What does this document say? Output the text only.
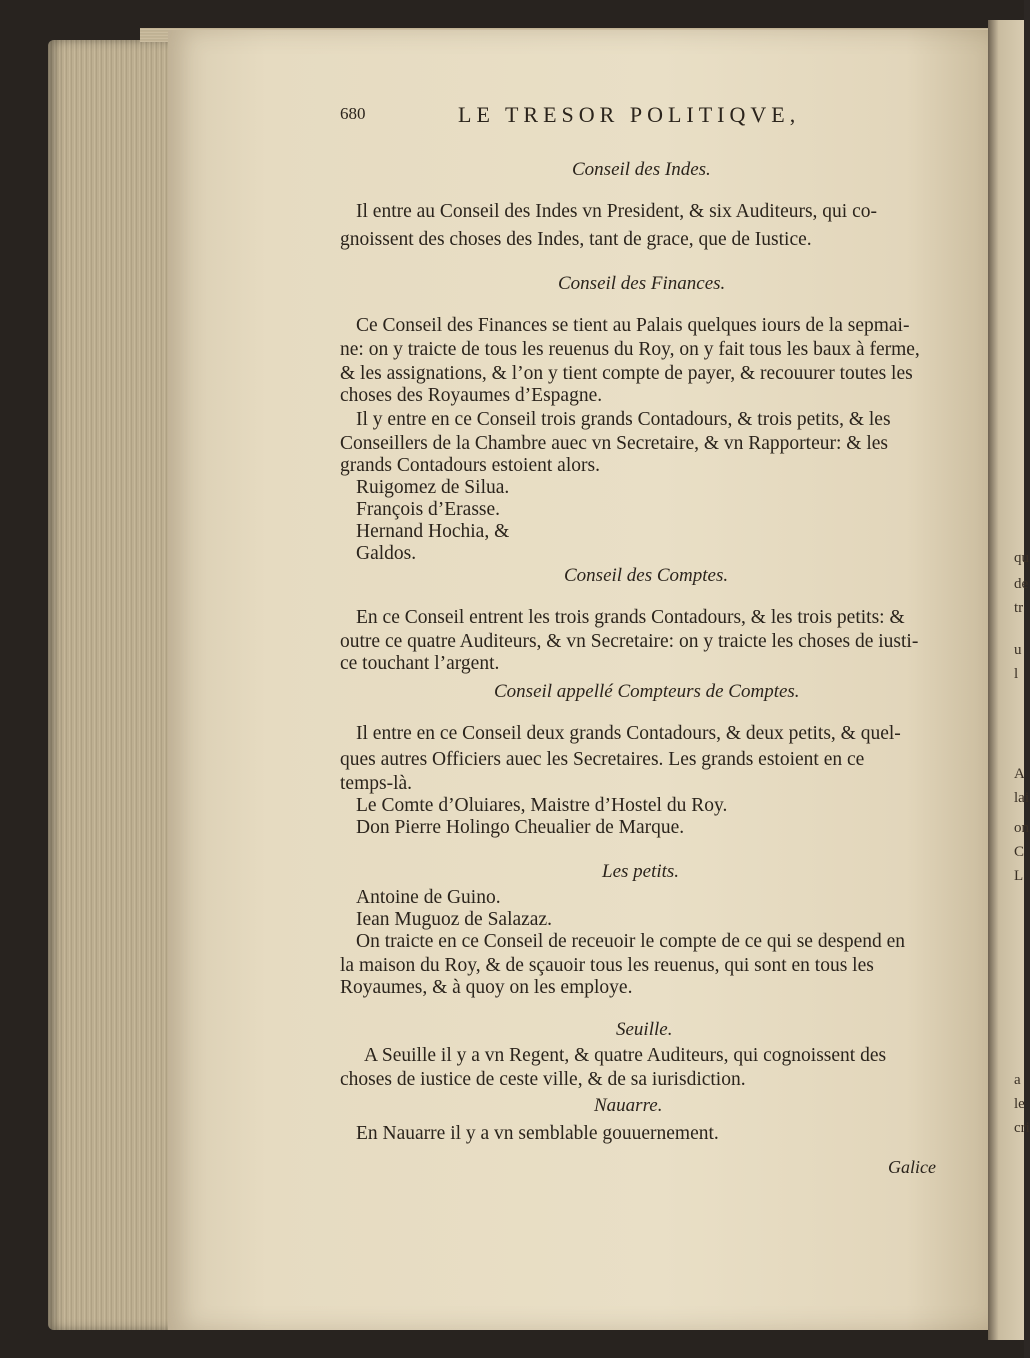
qu
de
tr
u
l
A
lai
on
C
L
a
le
cri
680	LE TRESOR POLITIQVE,
Conseil des Indes.
Il entre au Conseil des Indes vn President, & six Auditeurs, qui co-
gnoissent des choses des Indes, tant de grace, que de Iustice.
Conseil des Finances.
Ce Conseil des Finances se tient au Palais quelques iours de la sepmai-
ne: on y traicte de tous les reuenus du Roy, on y fait tous les baux à ferme,
& les assignations, & l’on y tient compte de payer, & recouurer toutes les
choses des Royaumes d’Espagne.
Il y entre en ce Conseil trois grands Contadours, & trois petits, & les
Conseillers de la Chambre auec vn Secretaire, & vn Rapporteur: & les
grands Contadours estoient alors.
Ruigomez de Silua.
François d’Erasse.
Hernand Hochia, &
Galdos.
Conseil des Comptes.
En ce Conseil entrent les trois grands Contadours, & les trois petits: &
outre ce quatre Auditeurs, & vn Secretaire: on y traicte les choses de iusti-
ce touchant l’argent.
Conseil appellé Compteurs de Comptes.
Il entre en ce Conseil deux grands Contadours, & deux petits, & quel-
ques autres Officiers auec les Secretaires. Les grands estoient en ce
temps-là.
Le Comte d’Oluiares, Maistre d’Hostel du Roy.
Don Pierre Holingo Cheualier de Marque.
Les petits.
Antoine de Guino.
Iean Muguoz de Salazaz.
On traicte en ce Conseil de receuoir le compte de ce qui se despend en
la maison du Roy, & de sçauoir tous les reuenus, qui sont en tous les
Royaumes, & à quoy on les employe.
Seuille.
A Seuille il y a vn Regent, & quatre Auditeurs, qui cognoissent des
choses de iustice de ceste ville, & de sa iurisdiction.
Nauarre.
En Nauarre il y a vn semblable gouuernement.
Galice
